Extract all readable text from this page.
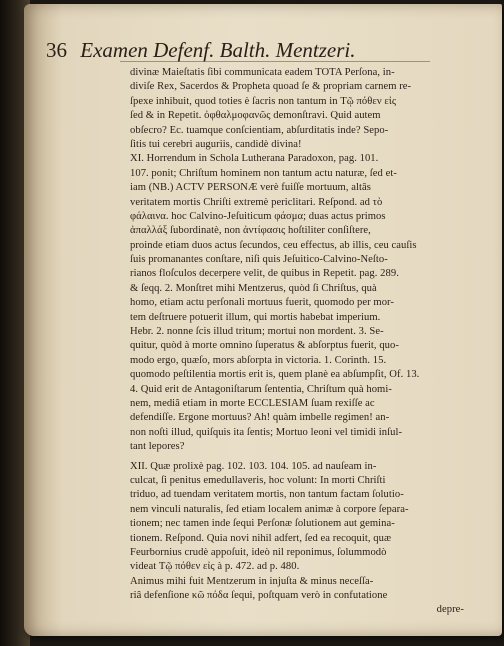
36 Examen Defenf. Balth. Mentzeri.
divinæ Maieſtatis ſibi communicata eadem TOTA Perſona, in-
diviſe Rex, Sacerdos & Propheta quoad ſe & propriam carnem re-
ſpexe inhibuit, quod toties è ſacris non tantum in Τῷ πόθεν εἰς
ſed & in Repetit. ὀφθαλμοφανῶς demonſtravi. Quid autem
obſecro? Ec. tuamque conſcientiam, abſurditatis inde? Sepo-
ſitis tui cerebri auguriis, candidè divina!
XI. Horrendum in Schola Lutherana Paradoxon, pag. 101.
107. ponit; Chriſtum hominem non tantum actu naturæ, ſed et-
iam (NB.) ACTV PERSONÆ verè fuiſſe mortuum, altâs
veritatem mortis Chriſti extremè periclitari. Reſpond. ad τὸ
φάλαινα. hoc Calvino-Jeſuiticum φάσμα; duas actus primos
ἀπαλλάξ ſubordinatè, non ἀντίφασις hoſtiliter conſiſtere,
proinde etiam duos actus ſecundos, ceu effectus, ab illis, ceu cauſis
ſuis promanantes conſtare, niſi quis Jeſuitico-Calvino-Neſto-
rianos floſculos decerpere velit, de quibus in Repetit. pag. 289.
& ſeqq. 2. Monſtret mihi Mentzerus, quòd ſi Chriſtus, quà
homo, etiam actu perſonali mortuus fuerit, quomodo per mor-
tem deſtruere potuerit illum, qui mortis habebat imperium.
Hebr. 2. nonne ſcis illud tritum; mortui non mordent. 3. Se-
quitur, quòd à morte omnino ſuperatus & abſorptus fuerit, quo-
modo ergo, quæſo, mors abſorpta in victoria. 1. Corinth. 15.
quomodo peſtilentia mortis erit is, quem planè ea abſumpſit, Of. 13.
4. Quid erit de Antagoniſtarum ſententia, Chriſtum quà homi-
nem, mediâ etiam in morte ECCLESIAM ſuam rexiſſe ac
defendiſſe. Ergone mortuus? Ah! quàm imbelle regimen! an-
non noſti illud, quiſquis ita ſentis; Mortuo leoni vel timidi inſul-
tant lepores?
XII. Quæ prolixè pag. 102. 103. 104. 105. ad nauſeam in-
culcat, ſi penitus emedullaveris, hoc volunt: In morti Chriſti
triduo, ad tuendam veritatem mortis, non tantum factam ſolutio-
nem vinculi naturalis, ſed etiam localem animæ à corpore ſepara-
tionem; nec tamen inde ſequi Perſonæ ſolutionem aut gemina-
tionem. Reſpond. Quia novi nihil adfert, ſed ea recoquit, quæ
Feurbornius crudè appoſuit, ideò nil reponimus, ſolummodò
videat Τῷ πόθεν εἰς à p. 472. ad p. 480.
Animus mihi fuit Mentzerum in injuſta & minus neceſſa-
riâ defenſione κῶ πόδα ſequi, poſtquam verò in confutatione
depre-
